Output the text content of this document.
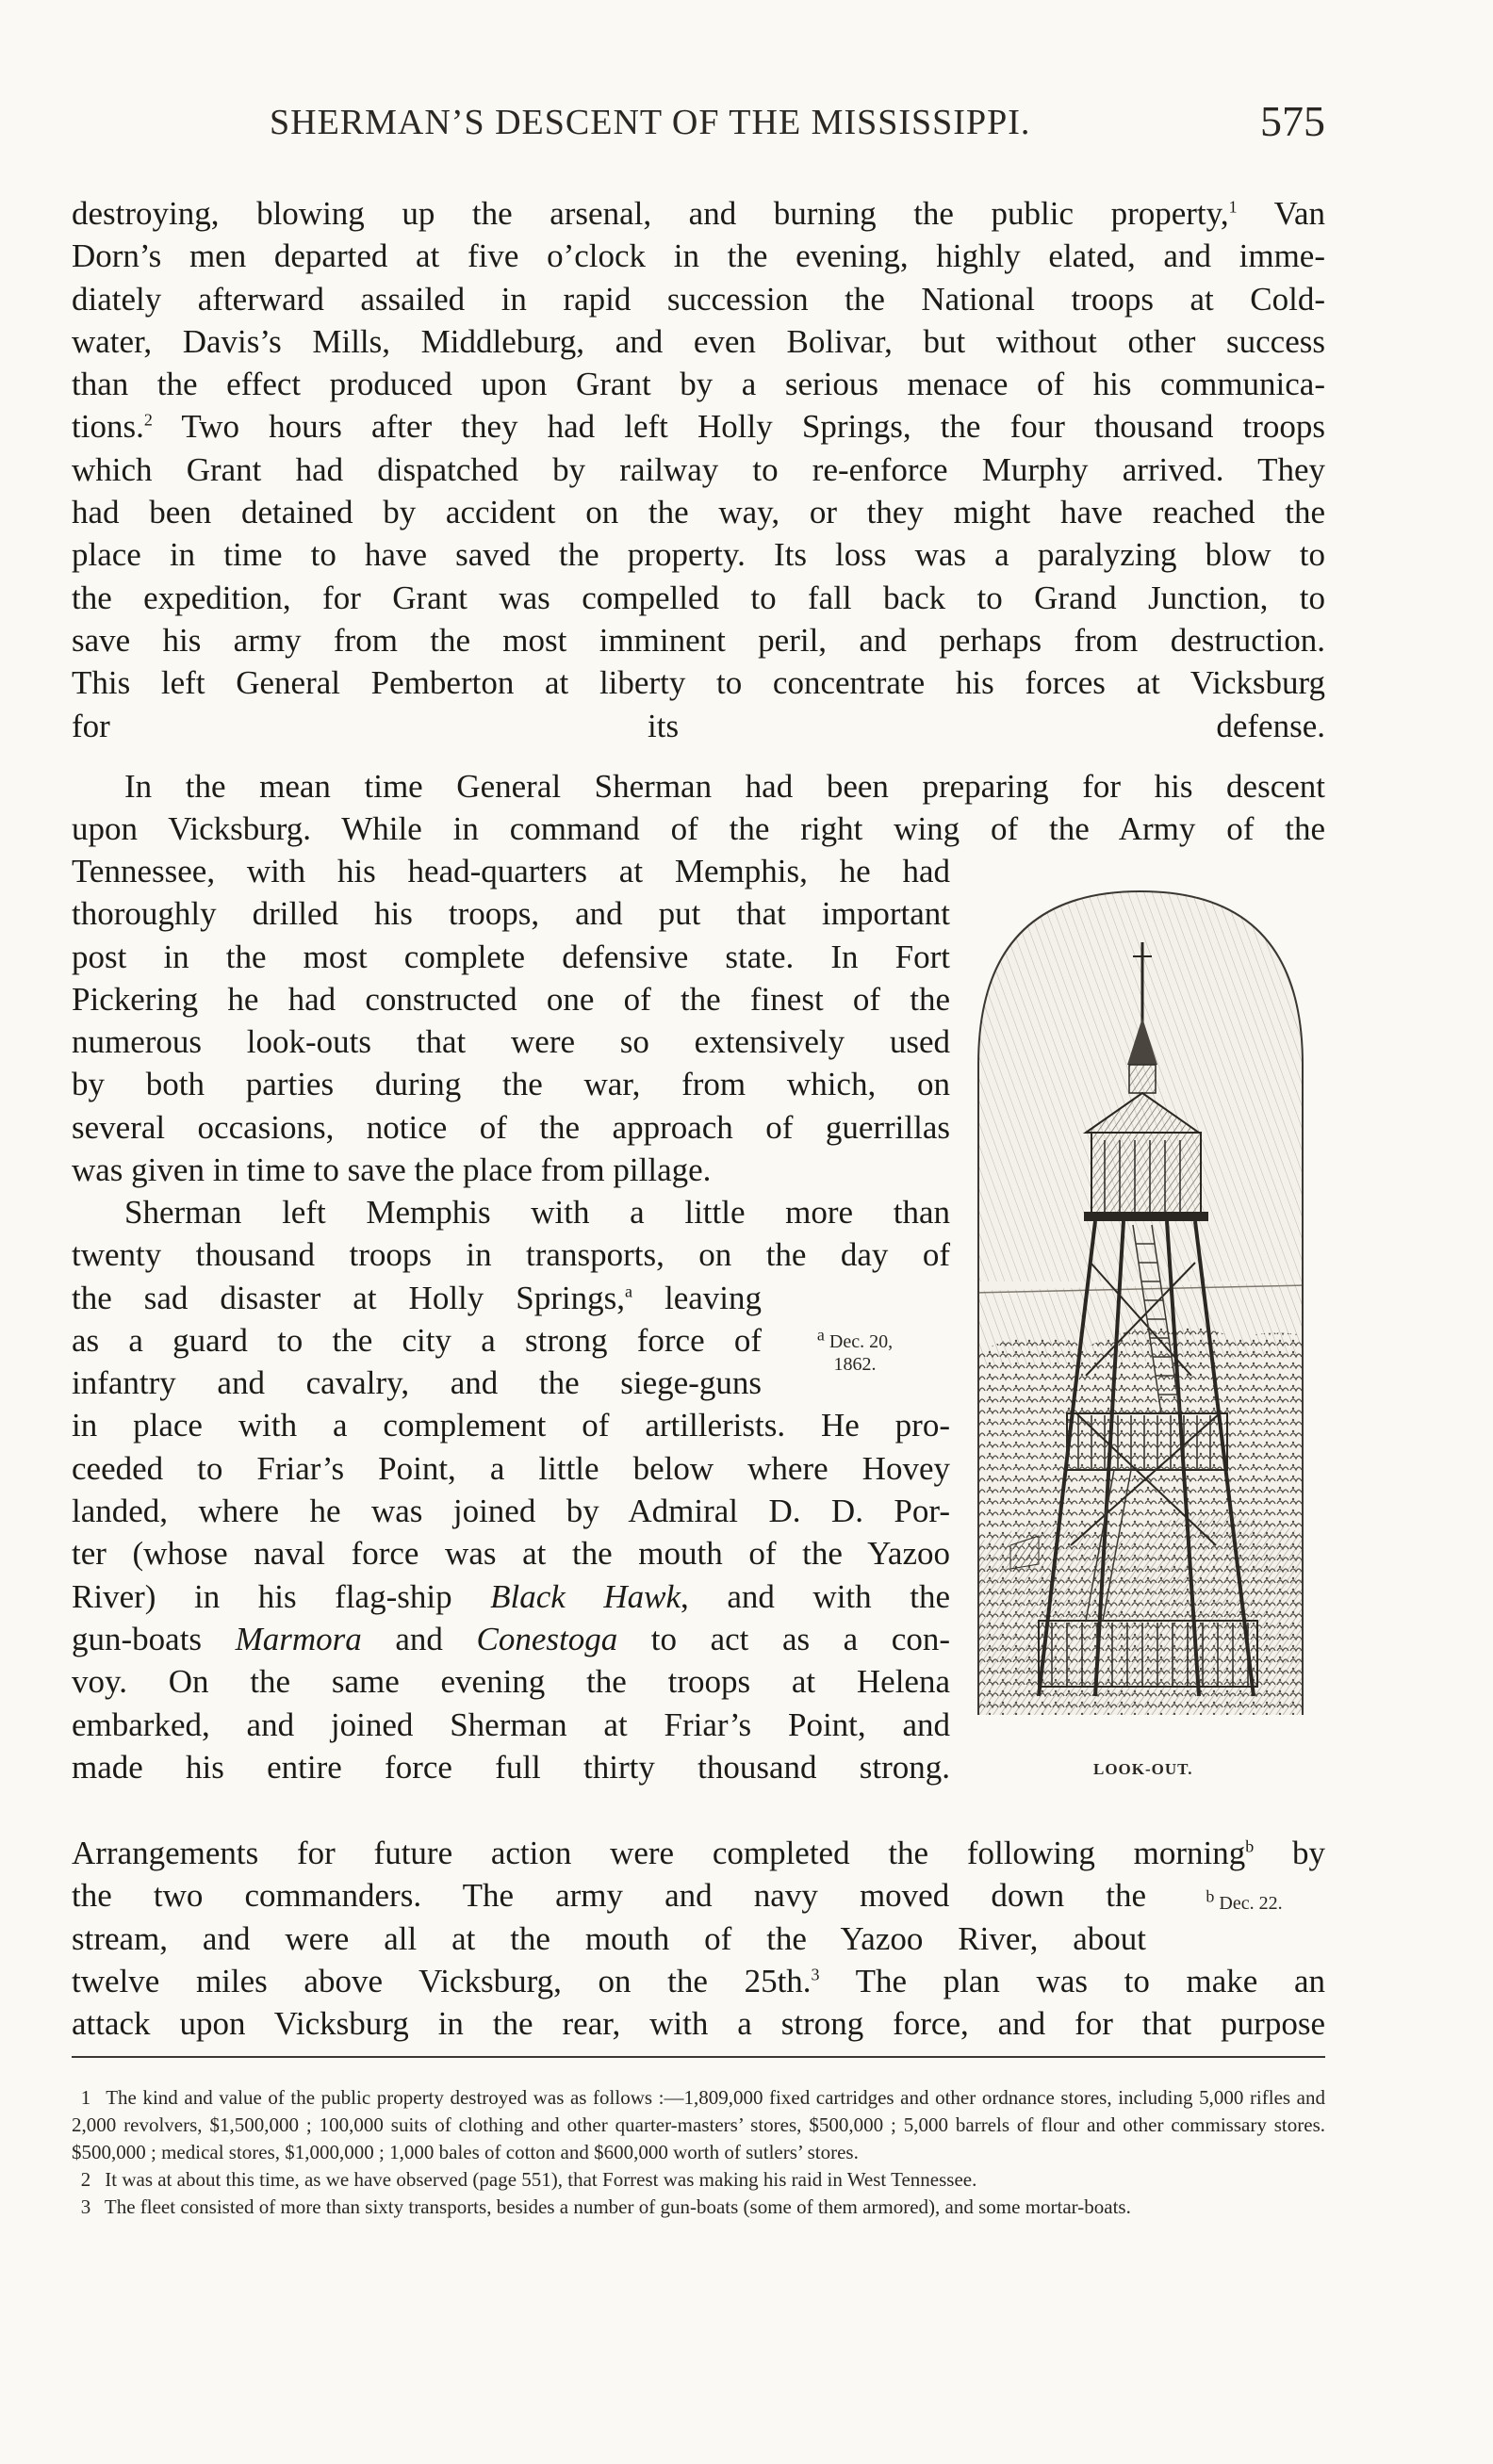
SHERMAN’S DESCENT OF THE MISSISSIPPI.	575
destroying, blowing up the arsenal, and burning the public property,$^1$ Van
Dorn’s men departed at five o’clock in the evening, highly elated, and imme-
diately afterward assailed in rapid succession the National troops at Cold-
water, Davis’s Mills, Middleburg, and even Bolivar, but without other success
than the effect produced upon Grant by a serious menace of his communica-
tions.$^2$ Two hours after they had left Holly Springs, the four thousand troops
which Grant had dispatched by railway to re-enforce Murphy arrived. They
had been detained by accident on the way, or they might have reached the
place in time to have saved the property. Its loss was a paralyzing blow to
the expedition, for Grant was compelled to fall back to Grand Junction, to
save his army from the most imminent peril, and perhaps from destruction.
This left General Pemberton at liberty to concentrate his forces at Vicksburg
for its defense.
In the mean time General Sherman had been preparing for his descent
upon Vicksburg. While in command of the right wing of the Army of the
Tennessee, with his head-quarters at Memphis, he had
thoroughly drilled his troops, and put that important
post in the most complete defensive state. In Fort
Pickering he had constructed one of the finest of the
numerous look-outs that were so extensively used
by both parties during the war, from which, on
several occasions, notice of the approach of guerrillas
was given in time to save the place from pillage.
Sherman left Memphis with a little more than
twenty thousand troops in transports, on the day of
the sad disaster at Holly Springs,$^a$ leaving
as a guard to the city a strong force of
infantry and cavalry, and the siege-guns
in place with a complement of artillerists. He pro-
ceeded to Friar’s Point, a little below where Hovey
landed, where he was joined by Admiral D. D. Por-
ter (whose naval force was at the mouth of the Yazoo
River) in his flag-ship Black Hawk, and with the
gun-boats Marmora and Conestoga to act as a con-
voy. On the same evening the troops at Helena
embarked, and joined Sherman at Friar’s Point, and
made his entire force full thirty thousand strong.
Arrangements for future action were completed the following morning$^b$ by
the two commanders. The army and navy moved down the
stream, and were all at the mouth of the Yazoo River, about
twelve miles above Vicksburg, on the 25th.$^3$ The plan was to make an
attack upon Vicksburg in the rear, with a strong force, and for that purpose
$^a$ Dec. 20,
1862.
$^b$ Dec. 22.
LOOK-OUT.

1 The kind and value of the public property destroyed was as follows :—1,809,000 fixed cartridges and other ordnance stores, including 5,000 rifles and 2,000 revolvers, $1,500,000 ; 100,000 suits of clothing and other quarter-masters’ stores, $500,000 ; 5,000 barrels of flour and other commissary stores. $500,000 ; medical stores, $1,000,000 ; 1,000 bales of cotton and $600,000 worth of sutlers’ stores.

2 It was at about this time, as we have observed (page 551), that Forrest was making his raid in West Tennessee.

3 The fleet consisted of more than sixty transports, besides a number of gun-boats (some of them armored), and some mortar-boats.
